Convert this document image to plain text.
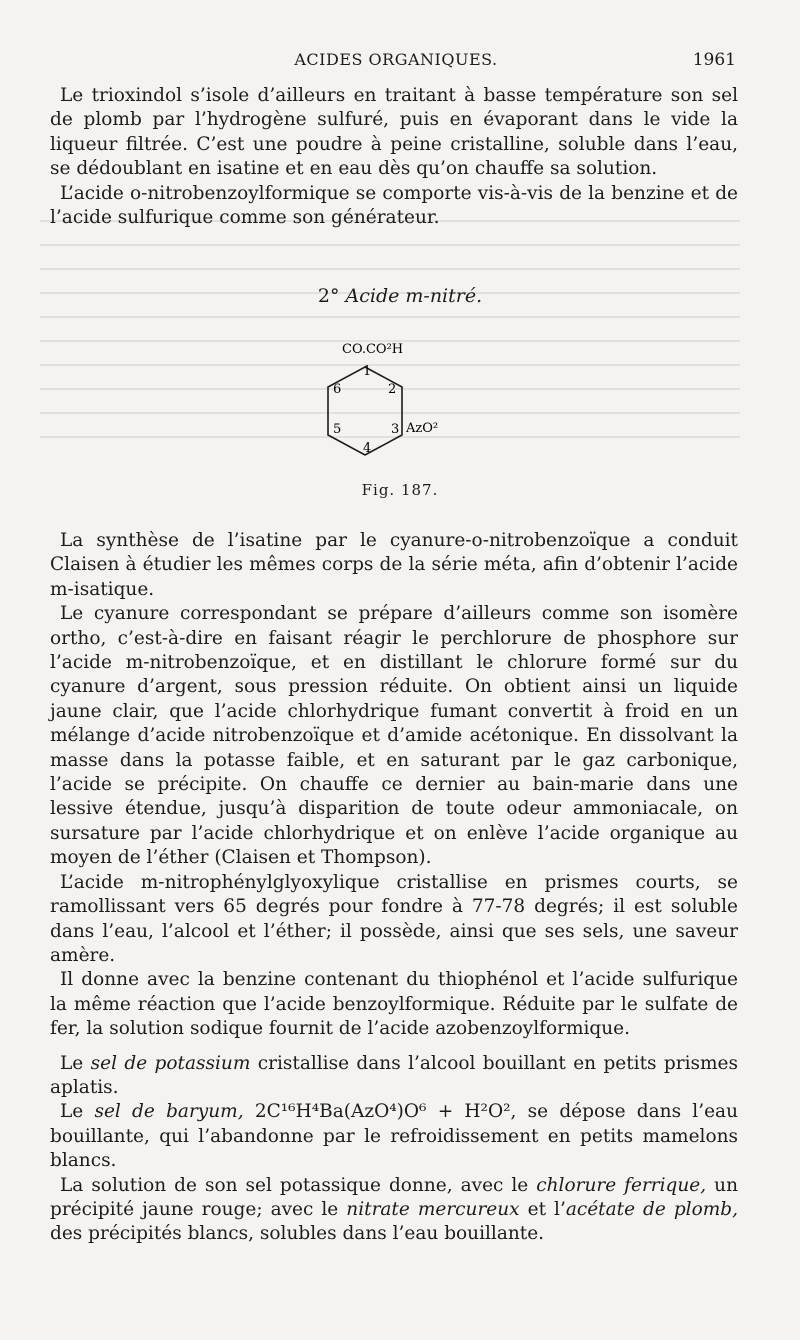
ACIDES ORGANIQUES.	1961

Le trioxindol s’isole d’ailleurs en traitant à basse température son sel de plomb par l’hydrogène sulfuré, puis en évaporant dans le vide la liqueur filtrée. C’est une poudre à peine cristalline, soluble dans l’eau, se dédoublant en isatine et en eau dès qu’on chauffe sa solution.

L’acide o-nitrobenzoylformique se comporte vis-à-vis de la benzine et de l’acide sulfurique comme son générateur.

2° Acide m-nitré.
CO.CO²H
1
2
3
4
5
6
AzO²
Fig. 187.

La synthèse de l’isatine par le cyanure-o-nitrobenzoïque a conduit Claisen à étudier les mêmes corps de la série méta, afin d’obtenir l’acide m-isatique.

Le cyanure correspondant se prépare d’ailleurs comme son isomère ortho, c’est-à-dire en faisant réagir le perchlorure de phosphore sur l’acide m-nitrobenzoïque, et en distillant le chlorure formé sur du cyanure d’argent, sous pression réduite. On obtient ainsi un liquide jaune clair, que l’acide chlorhydrique fumant convertit à froid en un mélange d’acide nitrobenzoïque et d’amide acétonique. En dissolvant la masse dans la potasse faible, et en saturant par le gaz carbonique, l’acide se précipite. On chauffe ce dernier au bain-marie dans une lessive étendue, jusqu’à disparition de toute odeur ammoniacale, on sursature par l’acide chlorhydrique et on enlève l’acide organique au moyen de l’éther (Claisen et Thompson).

L’acide m-nitrophénylglyoxylique cristallise en prismes courts, se ramollissant vers 65 degrés pour fondre à 77-78 degrés; il est soluble dans l’eau, l’alcool et l’éther; il possède, ainsi que ses sels, une saveur amère.

Il donne avec la benzine contenant du thiophénol et l’acide sulfurique la même réaction que l’acide benzoylformique. Réduite par le sulfate de fer, la solution sodique fournit de l’acide azobenzoylformique.

Le sel de potassium cristallise dans l’alcool bouillant en petits prismes aplatis.

Le sel de baryum, 2C¹⁶H⁴Ba(AzO⁴)O⁶ + H²O², se dépose dans l’eau bouillante, qui l’abandonne par le refroidissement en petits mamelons blancs.

La solution de son sel potassique donne, avec le chlorure ferrique, un précipité jaune rouge; avec le nitrate mercureux et l’acétate de plomb, des précipités blancs, solubles dans l’eau bouillante.
